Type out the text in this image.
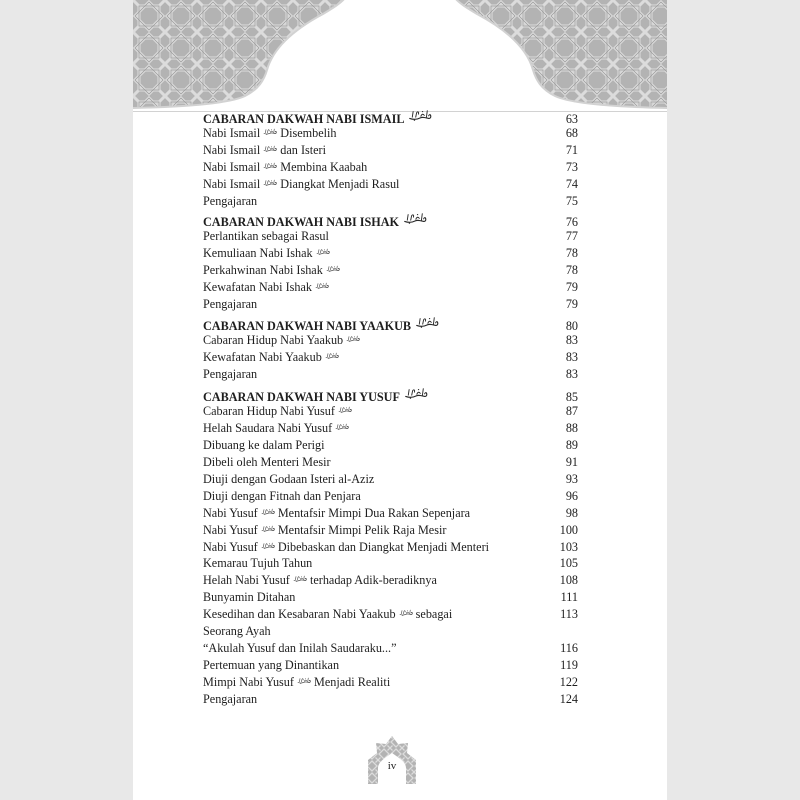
CABARAN DAKWAH NABI ISMAIL	63
Nabi Ismail Disembelih	68
Nabi Ismail dan Isteri	71
Nabi Ismail Membina Kaabah	73
Nabi Ismail Diangkat Menjadi Rasul	74
Pengajaran	75
CABARAN DAKWAH NABI ISHAK	76
Perlantikan sebagai Rasul	77
Kemuliaan Nabi Ishak	78
Perkahwinan Nabi Ishak	78
Kewafatan Nabi Ishak	79
Pengajaran	79
CABARAN DAKWAH NABI YAAKUB	80
Cabaran Hidup Nabi Yaakub	83
Kewafatan Nabi Yaakub	83
Pengajaran	83
CABARAN DAKWAH NABI YUSUF	85
Cabaran Hidup Nabi Yusuf	87
Helah Saudara Nabi Yusuf	88
Dibuang ke dalam Perigi	89
Dibeli oleh Menteri Mesir	91
Diuji dengan Godaan Isteri al-Aziz	93
Diuji dengan Fitnah dan Penjara	96
Nabi Yusuf Mentafsir Mimpi Dua Rakan Sepenjara	98
Nabi Yusuf Mentafsir Mimpi Pelik Raja Mesir	100
Nabi Yusuf Dibebaskan dan Diangkat Menjadi Menteri	103
Kemarau Tujuh Tahun	105
Helah Nabi Yusuf terhadap Adik-beradiknya	108
Bunyamin Ditahan	111
Kesedihan dan Kesabaran Nabi Yaakub sebagai	113
Seorang Ayah
“Akulah Yusuf dan Inilah Saudaraku...”	116
Pertemuan yang Dinantikan	119
Mimpi Nabi Yusuf Menjadi Realiti	122
Pengajaran	124
iv
